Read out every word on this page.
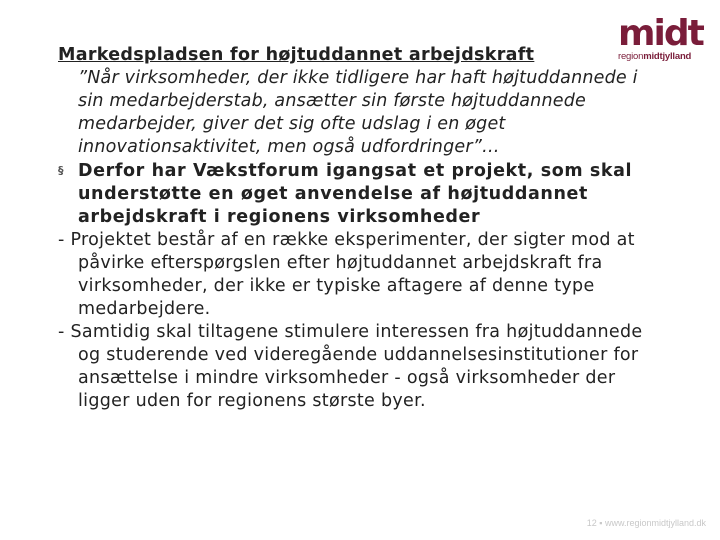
midt
regionmidtjylland
Markedspladsen for højtuddannet arbejdskraft
”Når virksomheder, der ikke tidligere har haft højtuddannede i sin medarbejderstab, ansætter sin første højtuddannede medarbejder, giver det sig ofte udslag i en øget innovationsaktivitet, men også udfordringer”…
§ Derfor har Vækstforum igangsat et projekt, som skal understøtte en øget anvendelse af højtuddannet arbejdskraft i regionens virksomheder
- Projektet består af en række eksperimenter, der sigter mod at påvirke efterspørgslen efter højtuddannet arbejdskraft fra virksomheder, der ikke er typiske aftagere af denne type medarbejdere.
- Samtidig skal tiltagene stimulere interessen fra højtuddannede og studerende ved videregående uddannelsesinstitutioner for ansættelse i mindre virksomheder - også virksomheder der ligger uden for regionens største byer.
12 ▪ www.regionmidtjylland.dk
